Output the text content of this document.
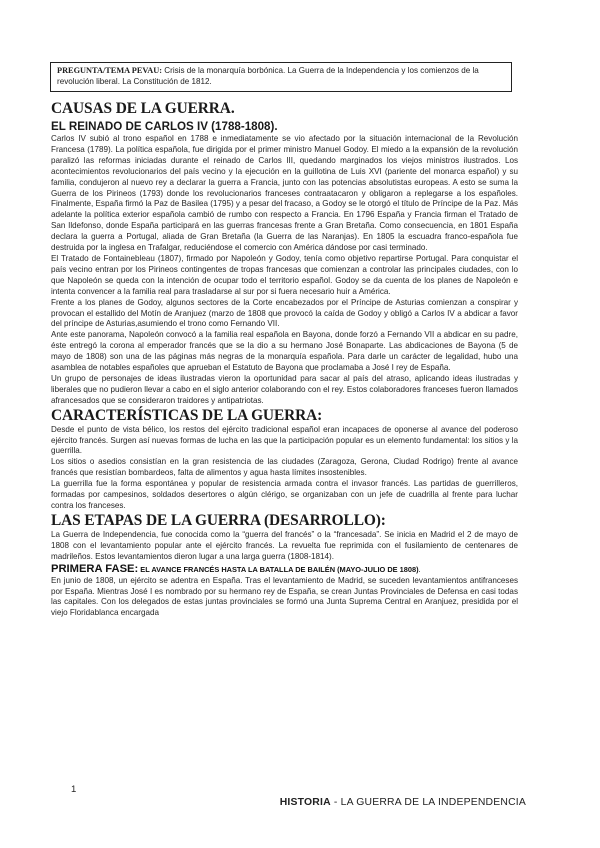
PREGUNTA/TEMA PEVAU: Crisis de la monarquía borbónica. La Guerra de la Independencia y los comienzos de la revolución liberal. La Constitución de 1812.
CAUSAS DE LA GUERRA.
EL REINADO DE CARLOS IV (1788-1808).

Carlos IV subió al trono español en 1788 e inmediatamente se vio afectado por la situación internacional de la Revolución Francesa (1789). La política española, fue dirigida por el primer ministro Manuel Godoy. El miedo a la expansión de la revolución paralizó las reformas iniciadas durante el reinado de Carlos III, quedando marginados los viejos ministros ilustrados. Los acontecimientos revolucionarios del país vecino y la ejecución en la guillotina de Luis XVI (pariente del monarca español) y su familia, condujeron al nuevo rey a declarar la guerra a Francia, junto con las potencias absolutistas europeas. A esto se suma la Guerra de los Pirineos (1793) donde los revolucionarios franceses contraatacaron y obligaron a replegarse a los españoles. Finalmente, España firmó la Paz de Basilea (1795) y a pesar del fracaso, a Godoy se le otorgó el título de Príncipe de la Paz. Más adelante la política exterior española cambió de rumbo con respecto a Francia. En 1796 España y Francia firman el Tratado de San Ildefonso, donde España participará en las guerras francesas frente a Gran Bretaña. Como consecuencia, en 1801 España declara la guerra a Portugal, aliada de Gran Bretaña (la Guerra de las Naranjas). En 1805 la escuadra franco-española fue destruida por la inglesa en Trafalgar, reduciéndose el comercio con América dándose por casi terminado.

El Tratado de Fontainebleau (1807), firmado por Napoleón y Godoy, tenía como objetivo repartirse Portugal. Para conquistar el país vecino entran por los Pirineos contingentes de tropas francesas que comienzan a controlar las principales ciudades, con lo que Napoleón se queda con la intención de ocupar todo el territorio español. Godoy se da cuenta de los planes de Napoleón e intenta convencer a la familia real para trasladarse al sur por si fuera necesario huir a América.

Frente a los planes de Godoy, algunos sectores de la Corte encabezados por el Príncipe de Asturias comienzan a conspirar y provocan el estallido del Motín de Aranjuez (marzo de 1808 que provocó la caída de Godoy y obligó a Carlos IV a abdicar a favor del príncipe de Asturias,asumiendo el trono como Fernando VII.

Ante este panorama, Napoleón convocó a la familia real española en Bayona, donde forzó a Fernando VII a abdicar en su padre, éste entregó la corona al emperador francés que se la dio a su hermano José Bonaparte. Las abdicaciones de Bayona (5 de mayo de 1808) son una de las páginas más negras de la monarquía española. Para darle un carácter de legalidad, hubo una asamblea de notables españoles que aprueban el Estatuto de Bayona que proclamaba a José I rey de España.

Un grupo de personajes de ideas ilustradas vieron la oportunidad para sacar al país del atraso, aplicando ideas ilustradas y liberales que no pudieron llevar a cabo en el siglo anterior colaborando con el rey. Estos colaboradores franceses fueron llamados afrancesados que se consideraron traidores y antipatriotas.

CARACTERÍSTICAS DE LA GUERRA:

Desde el punto de vista bélico, los restos del ejército tradicional español eran incapaces de oponerse al avance del poderoso ejército francés. Surgen así nuevas formas de lucha en las que la participación popular es un elemento fundamental: los sitios y la guerrilla.

Los sitios o asedios consistían en la gran resistencia de las ciudades (Zaragoza, Gerona, Ciudad Rodrigo) frente al avance francés que resistían bombardeos, falta de alimentos y agua hasta límites insostenibles.

La guerrilla fue la forma espontánea y popular de resistencia armada contra el invasor francés. Las partidas de guerrilleros, formadas por campesinos, soldados desertores o algún clérigo, se organizaban con un jefe de cuadrilla al frente para luchar contra los franceses.

LAS ETAPAS DE LA GUERRA (DESARROLLO):

La Guerra de Independencia, fue conocida como la “guerra del francés” o la “francesada”. Se inicia en Madrid el 2 de mayo de 1808 con el levantamiento popular ante el ejército francés. La revuelta fue reprimida con el fusilamiento de centenares de madrileños. Estos levantamientos dieron lugar a una larga guerra (1808-1814).

PRIMERA FASE: EL AVANCE FRANCÉS HASTA LA BATALLA DE BAILÉN (MAYO-JULIO DE 1808).

En junio de 1808, un ejército se adentra en España. Tras el levantamiento de Madrid, se suceden levantamientos antifranceses por España. Mientras José I es nombrado por su hermano rey de España, se crean Juntas Provinciales de Defensa en casi todas las capitales. Con los delegados de estas juntas provinciales se formó una Junta Suprema Central en Aranjuez, presidida por el viejo Floridablanca encargada

1
HISTORIA - LA GUERRA DE LA INDEPENDENCIA
